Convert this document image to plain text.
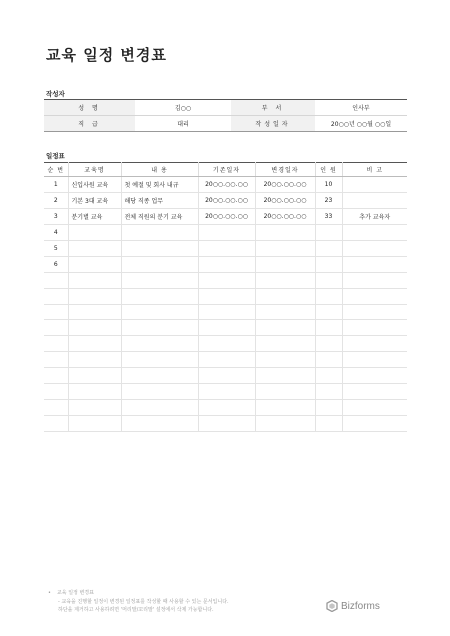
교육 일정 변경표
작성자
성 명	김○○	부 서	인사부
직 급	대리	작성일자	20○○년 ○○월 ○○일
일정표
순 번	교육명	내 용	기존일자	변경일자	인 원	비 고
1	신입사원 교육	첫 예절 및 회사 내규	20○○.○○.○○	20○○.○○.○○	10	
2	기본 3대 교육	해당 직종 업무	20○○.○○.○○	20○○.○○.○○	23	
3	분기별 교육	전체 직원의 분기 교육	20○○.○○.○○	20○○.○○.○○	33	추가 교육자
4						
5						
6						

• 교육 일정 변경표
- 교육을 진행할 일정이 변경된 일정표를 작성할 때 사용할 수 있는 문서입니다.
하단을 제거하고 사용하려면 '머리말/꼬리말' 설정에서 삭제 가능합니다.	Bizforms
